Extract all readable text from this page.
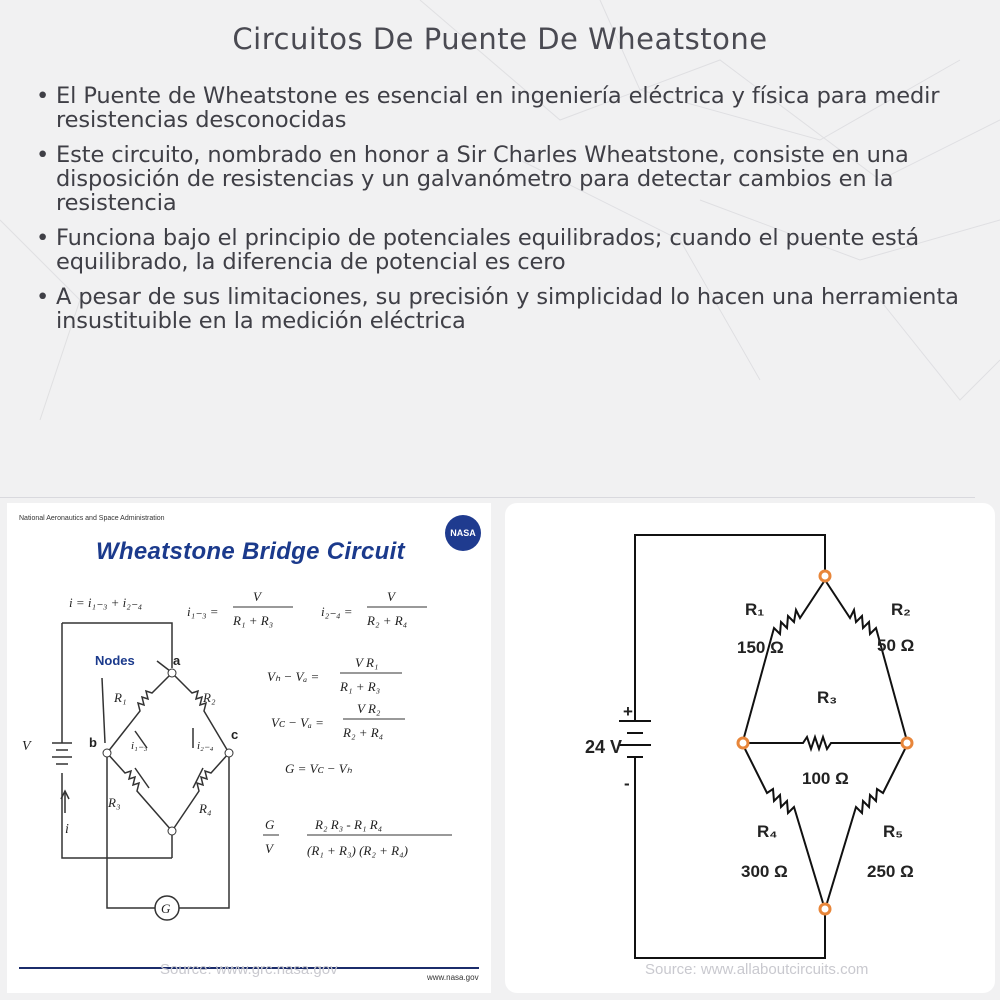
Circuitos De Puente De Wheatstone
• El Puente de Wheatstone es esencial en ingeniería eléctrica y física para medir resistencias desconocidas
• Este circuito, nombrado en honor a Sir Charles Wheatstone, consiste en una disposición de resistencias y un galvanómetro para detectar cambios en la resistencia
• Funciona bajo el principio de potenciales equilibrados; cuando el puente está equilibrado, la diferencia de potencial es cero
• A pesar de sus limitaciones, su precisión y simplicidad lo hacen una herramienta insustituible en la medición eléctrica
National Aeronautics and Space Administration
Wheatstone Bridge Circuit
NASA
i = i₁₋₃ + i₂₋₄
i₁₋₃ =
V
R₁ + R₃
i₂₋₄ =
V
R₂ + R₄
Vₕ − Vₐ =
V R₁
R₁ + R₃
Vᴄ − Vₐ =
V R₂
R₂ + R₄
G = Vᴄ − Vₕ
G
V
R₂ R₃ - R₁ R₄
(R₁ + R₃) (R₂ + R₄)
V
i
G
R₁	R₂
R₃	R₄
i₁₋₃	i₂₋₄
Nodes	a
b
c
www.nasa.gov
Source: www.grc.nasa.gov
24 V
+
-
R₁
150 Ω
R₂
50 Ω
R₃
100 Ω
R₄
300 Ω
R₅
250 Ω
Source: www.allaboutcircuits.com
